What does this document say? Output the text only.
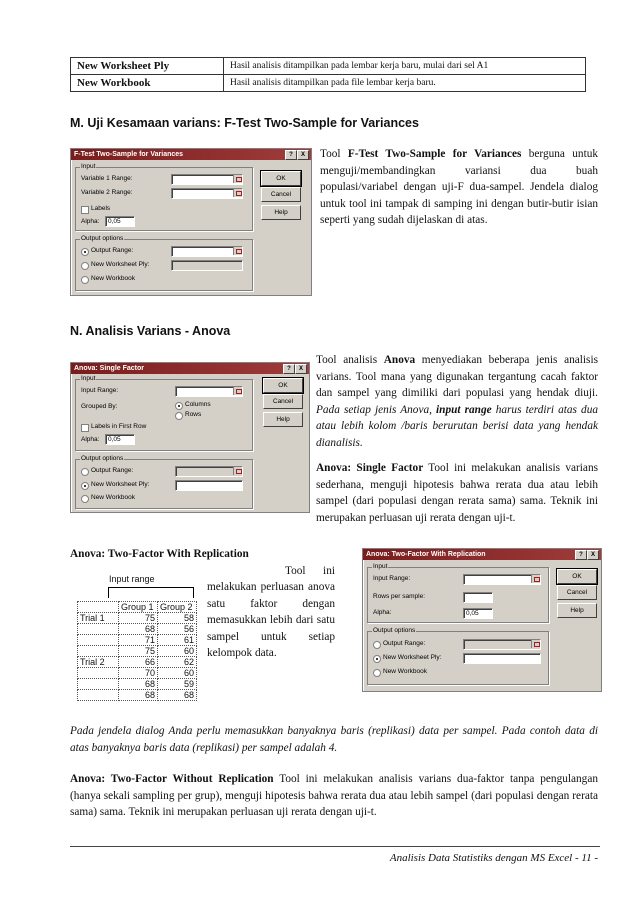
New Worksheet Ply	Hasil analisis ditampilkan pada lembar kerja baru, mulai dari sel A1
New Workbook	Hasil analisis ditampilkan pada file lembar kerja baru.
M. Uji Kesamaan varians: F-Test Two-Sample for Variances
F-Test Two-Sample for Variances	?	X
Input
Variable 1 Range:
Variable 2 Range:
Labels
Alpha: 0,05
OK
Cancel
Help
Output options
Output Range:
New Worksheet Ply:
New Workbook
Tool F-Test Two-Sample for Variances berguna untuk menguji/membandingkan variansi dua buah populasi/variabel dengan uji-F dua-sampel. Jendela dialog untuk tool ini tampak di samping ini dengan butir-butir isian seperti yang sudah dijelaskan di atas.
N. Analisis Varians - Anova
Anova: Single Factor	?	X
Input
Input Range:
Grouped By:	Columns
Rows
Labels in First Row
Alpha: 0,05
OK
Cancel
Help
Output options
Output Range:
New Worksheet Ply:
New Workbook
Tool analisis Anova menyediakan beberapa jenis analisis varians. Tool mana yang digunakan tergantung cacah faktor dan sampel yang dimiliki dari populasi yang hendak diuji. Pada setiap jenis Anova, input range harus terdiri atas dua atau lebih kolom /baris berurutan berisi data yang hendak dianalisis.
Anova: Single Factor Tool ini melakukan analisis varians sederhana, menguji hipotesis bahwa rerata dua atau lebih sampel (dari populasi dengan rerata sama) sama. Teknik ini merupakan perluasan uji rerata dengan uji-t.
Anova: Two-Factor With Replication
Tool ini melakukan perluasan anova satu faktor dengan memasukkan lebih dari satu sampel untuk setiap kelompok data.
Input range
	Group 1	Group 2
Trial 1	75	58
	68	56
	71	61
	75	60
Trial 2	66	62
	70	60
	68	59
	68	68
Anova: Two-Factor With Replication	?	X
Input
Input Range:
Rows per sample:
Alpha:	0,05
OK
Cancel
Help
Output options
Output Range:
New Worksheet Ply:
New Workbook
Pada jendela dialog Anda perlu memasukkan banyaknya baris (replikasi) data per sampel. Pada contoh data di atas banyaknya baris data (replikasi) per sampel adalah 4.
Anova: Two-Factor Without Replication Tool ini melakukan analisis varians dua-faktor tanpa pengulangan (hanya sekali sampling per grup), menguji hipotesis bahwa rerata dua atau lebih sampel (dari populasi dengan rerata sama) sama. Teknik ini merupakan perluasan uji rerata dengan uji-t.
Analisis Data Statistiks dengan MS Excel - 11 -
